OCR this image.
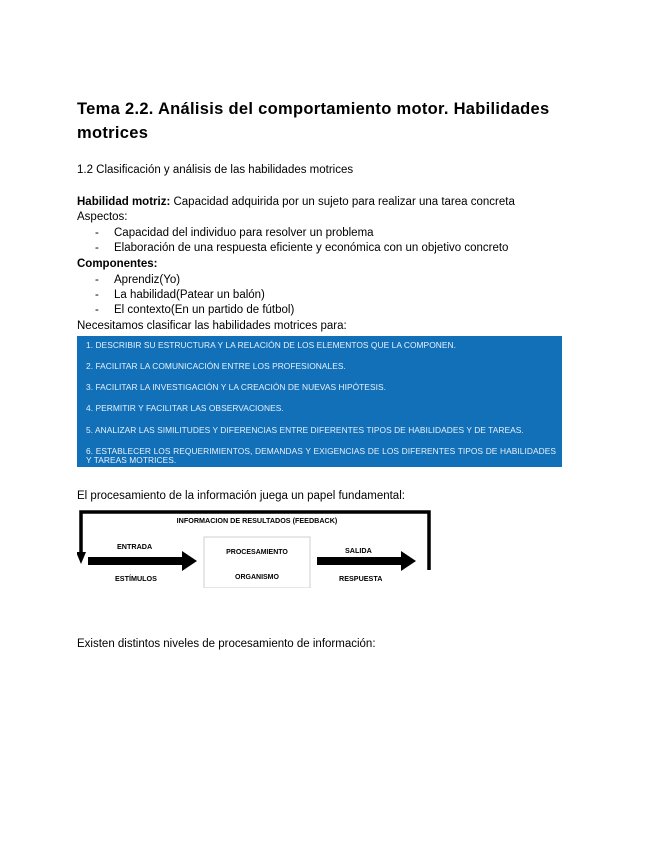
Tema 2.2. Análisis del comportamiento motor. Habilidades motrices
1.2 Clasificación y análisis de las habilidades motrices
Habilidad motriz: Capacidad adquirida por un sujeto para realizar una tarea concreta
Aspectos:
- Capacidad del individuo para resolver un problema
- Elaboración de una respuesta eficiente y económica con un objetivo concreto
Componentes:
- Aprendiz(Yo)
- La habilidad(Patear un balón)
- El contexto(En un partido de fútbol)
Necesitamos clasificar las habilidades motrices para:
1. DESCRIBIR SU ESTRUCTURA Y LA RELACIÓN DE LOS ELEMENTOS QUE LA COMPONEN.
2. FACILITAR LA COMUNICACIÓN ENTRE LOS PROFESIONALES.
3. FACILITAR LA INVESTIGACIÓN Y LA CREACIÓN DE NUEVAS HIPÓTESIS.
4. PERMITIR Y FACILITAR LAS OBSERVACIONES.
5. ANALIZAR LAS SIMILITUDES Y DIFERENCIAS ENTRE DIFERENTES TIPOS DE HABILIDADES Y DE TAREAS.
6. ESTABLECER LOS REQUERIMIENTOS, DEMANDAS Y EXIGENCIAS DE LOS DIFERENTES TIPOS DE HABILIDADES Y TAREAS MOTRICES.
El procesamiento de la información juega un papel fundamental:
INFORMACION DE RESULTADOS (FEEDBACK)
ENTRADA
ESTÍMULOS
PROCESAMIENTO
ORGANISMO
SALIDA
RESPUESTA
Existen distintos niveles de procesamiento de información:
